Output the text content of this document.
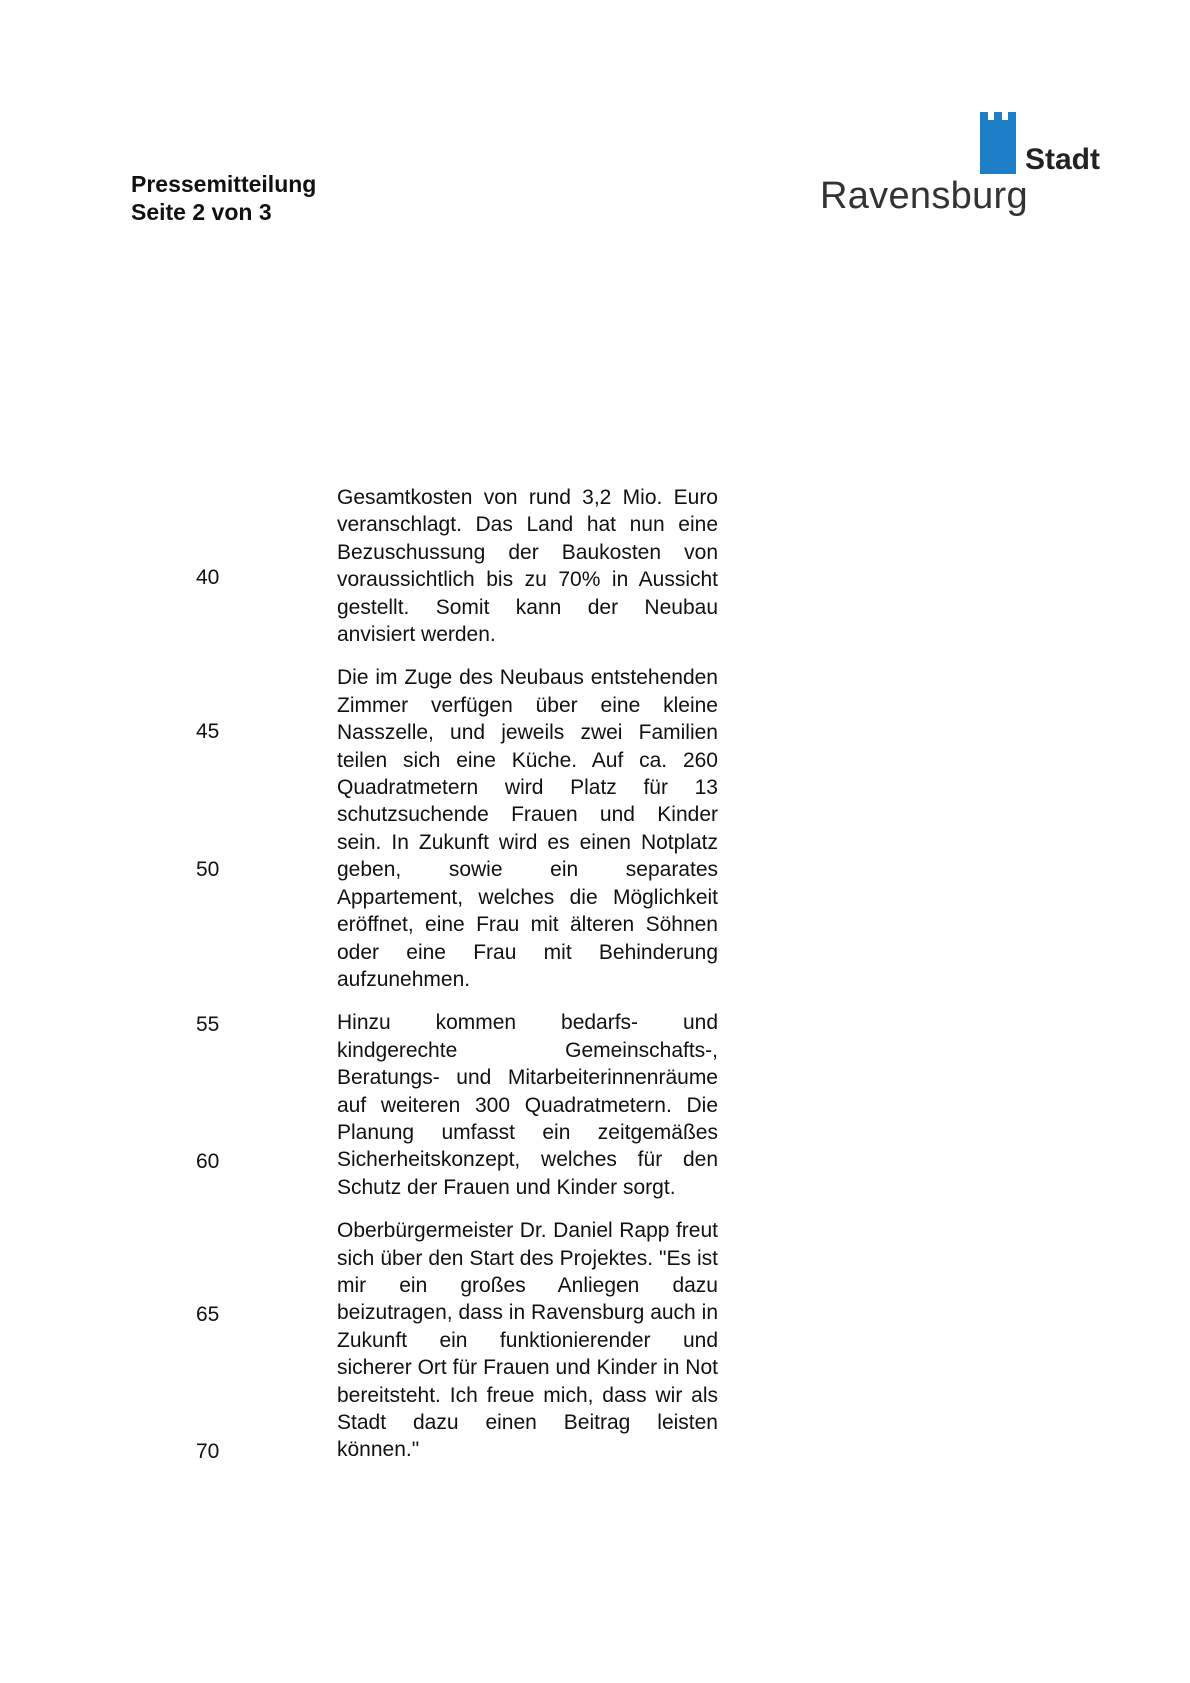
Pressemitteilung
Seite 2 von 3
Stadt
Ravensburg
40
45
50
55
60
65
70

Gesamtkosten von rund 3,2 Mio. Euro veranschlagt. Das Land hat nun eine Bezuschussung der Baukosten von voraussichtlich bis zu 70% in Aussicht gestellt. Somit kann der Neubau anvisiert werden.

Die im Zuge des Neubaus entstehenden Zimmer verfügen über eine kleine Nasszelle, und jeweils zwei Familien teilen sich eine Küche. Auf ca. 260 Quadratmetern wird Platz für 13 schutzsuchende Frauen und Kinder sein. In Zukunft wird es einen Notplatz geben, sowie ein separates Appartement, welches die Möglichkeit eröffnet, eine Frau mit älteren Söhnen oder eine Frau mit Behinderung aufzunehmen.

Hinzu kommen bedarfs- und kindgerechte Gemeinschafts-, Beratungs- und Mitarbeiterinnenräume auf weiteren 300 Quadratmetern. Die Planung umfasst ein zeitgemäßes Sicherheitskonzept, welches für den Schutz der Frauen und Kinder sorgt.

Oberbürgermeister Dr. Daniel Rapp freut sich über den Start des Projektes. "Es ist mir ein großes Anliegen dazu beizutragen, dass in Ravensburg auch in Zukunft ein funktionierender und sicherer Ort für Frauen und Kinder in Not bereitsteht. Ich freue mich, dass wir als Stadt dazu einen Beitrag leisten können."
